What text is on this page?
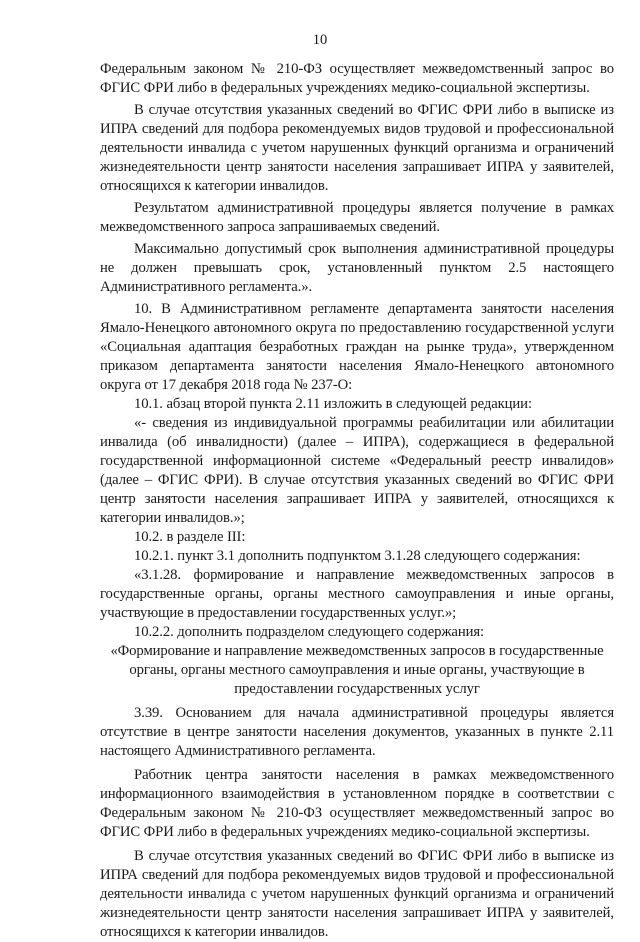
10

Федеральным законом № 210-ФЗ осуществляет межведомственный запрос во ФГИС ФРИ либо в федеральных учреждениях медико-социальной экспертизы.

В случае отсутствия указанных сведений во ФГИС ФРИ либо в выписке из ИПРА сведений для подбора рекомендуемых видов трудовой и профессиональной деятельности инвалида с учетом нарушенных функций организма и ограничений жизнедеятельности центр занятости населения запрашивает ИПРА у заявителей, относящихся к категории инвалидов.

Результатом административной процедуры является получение в рамках межведомственного запроса запрашиваемых сведений.

Максимально допустимый срок выполнения административной процедуры не должен превышать срок, установленный пунктом 2.5 настоящего Административного регламента.».

10. В Административном регламенте департамента занятости населения Ямало-Ненецкого автономного округа по предоставлению государственной услуги «Социальная адаптация безработных граждан на рынке труда», утвержденном приказом департамента занятости населения Ямало-Ненецкого автономного округа от 17 декабря 2018 года № 237-О:

10.1. абзац второй пункта 2.11 изложить в следующей редакции:

«- сведения из индивидуальной программы реабилитации или абилитации инвалида (об инвалидности) (далее – ИПРА), содержащиеся в федеральной государственной информационной системе «Федеральный реестр инвалидов» (далее – ФГИС ФРИ). В случае отсутствия указанных сведений во ФГИС ФРИ центр занятости населения запрашивает ИПРА у заявителей, относящихся к категории инвалидов.»;

10.2. в разделе III:

10.2.1. пункт 3.1 дополнить подпунктом 3.1.28 следующего содержания:

«3.1.28. формирование и направление межведомственных запросов в государственные органы, органы местного самоуправления и иные органы, участвующие в предоставлении государственных услуг.»;

10.2.2. дополнить подразделом следующего содержания:

«Формирование и направление межведомственных запросов в государственные органы, органы местного самоуправления и иные органы, участвующие в предоставлении государственных услуг

3.39. Основанием для начала административной процедуры является отсутствие в центре занятости населения документов, указанных в пункте 2.11 настоящего Административного регламента.

Работник центра занятости населения в рамках межведомственного информационного взаимодействия в установленном порядке в соответствии с Федеральным законом № 210-ФЗ осуществляет межведомственный запрос во ФГИС ФРИ либо в федеральных учреждениях медико-социальной экспертизы.

В случае отсутствия указанных сведений во ФГИС ФРИ либо в выписке из ИПРА сведений для подбора рекомендуемых видов трудовой и профессиональной деятельности инвалида с учетом нарушенных функций организма и ограничений жизнедеятельности центр занятости населения запрашивает ИПРА у заявителей, относящихся к категории инвалидов.
